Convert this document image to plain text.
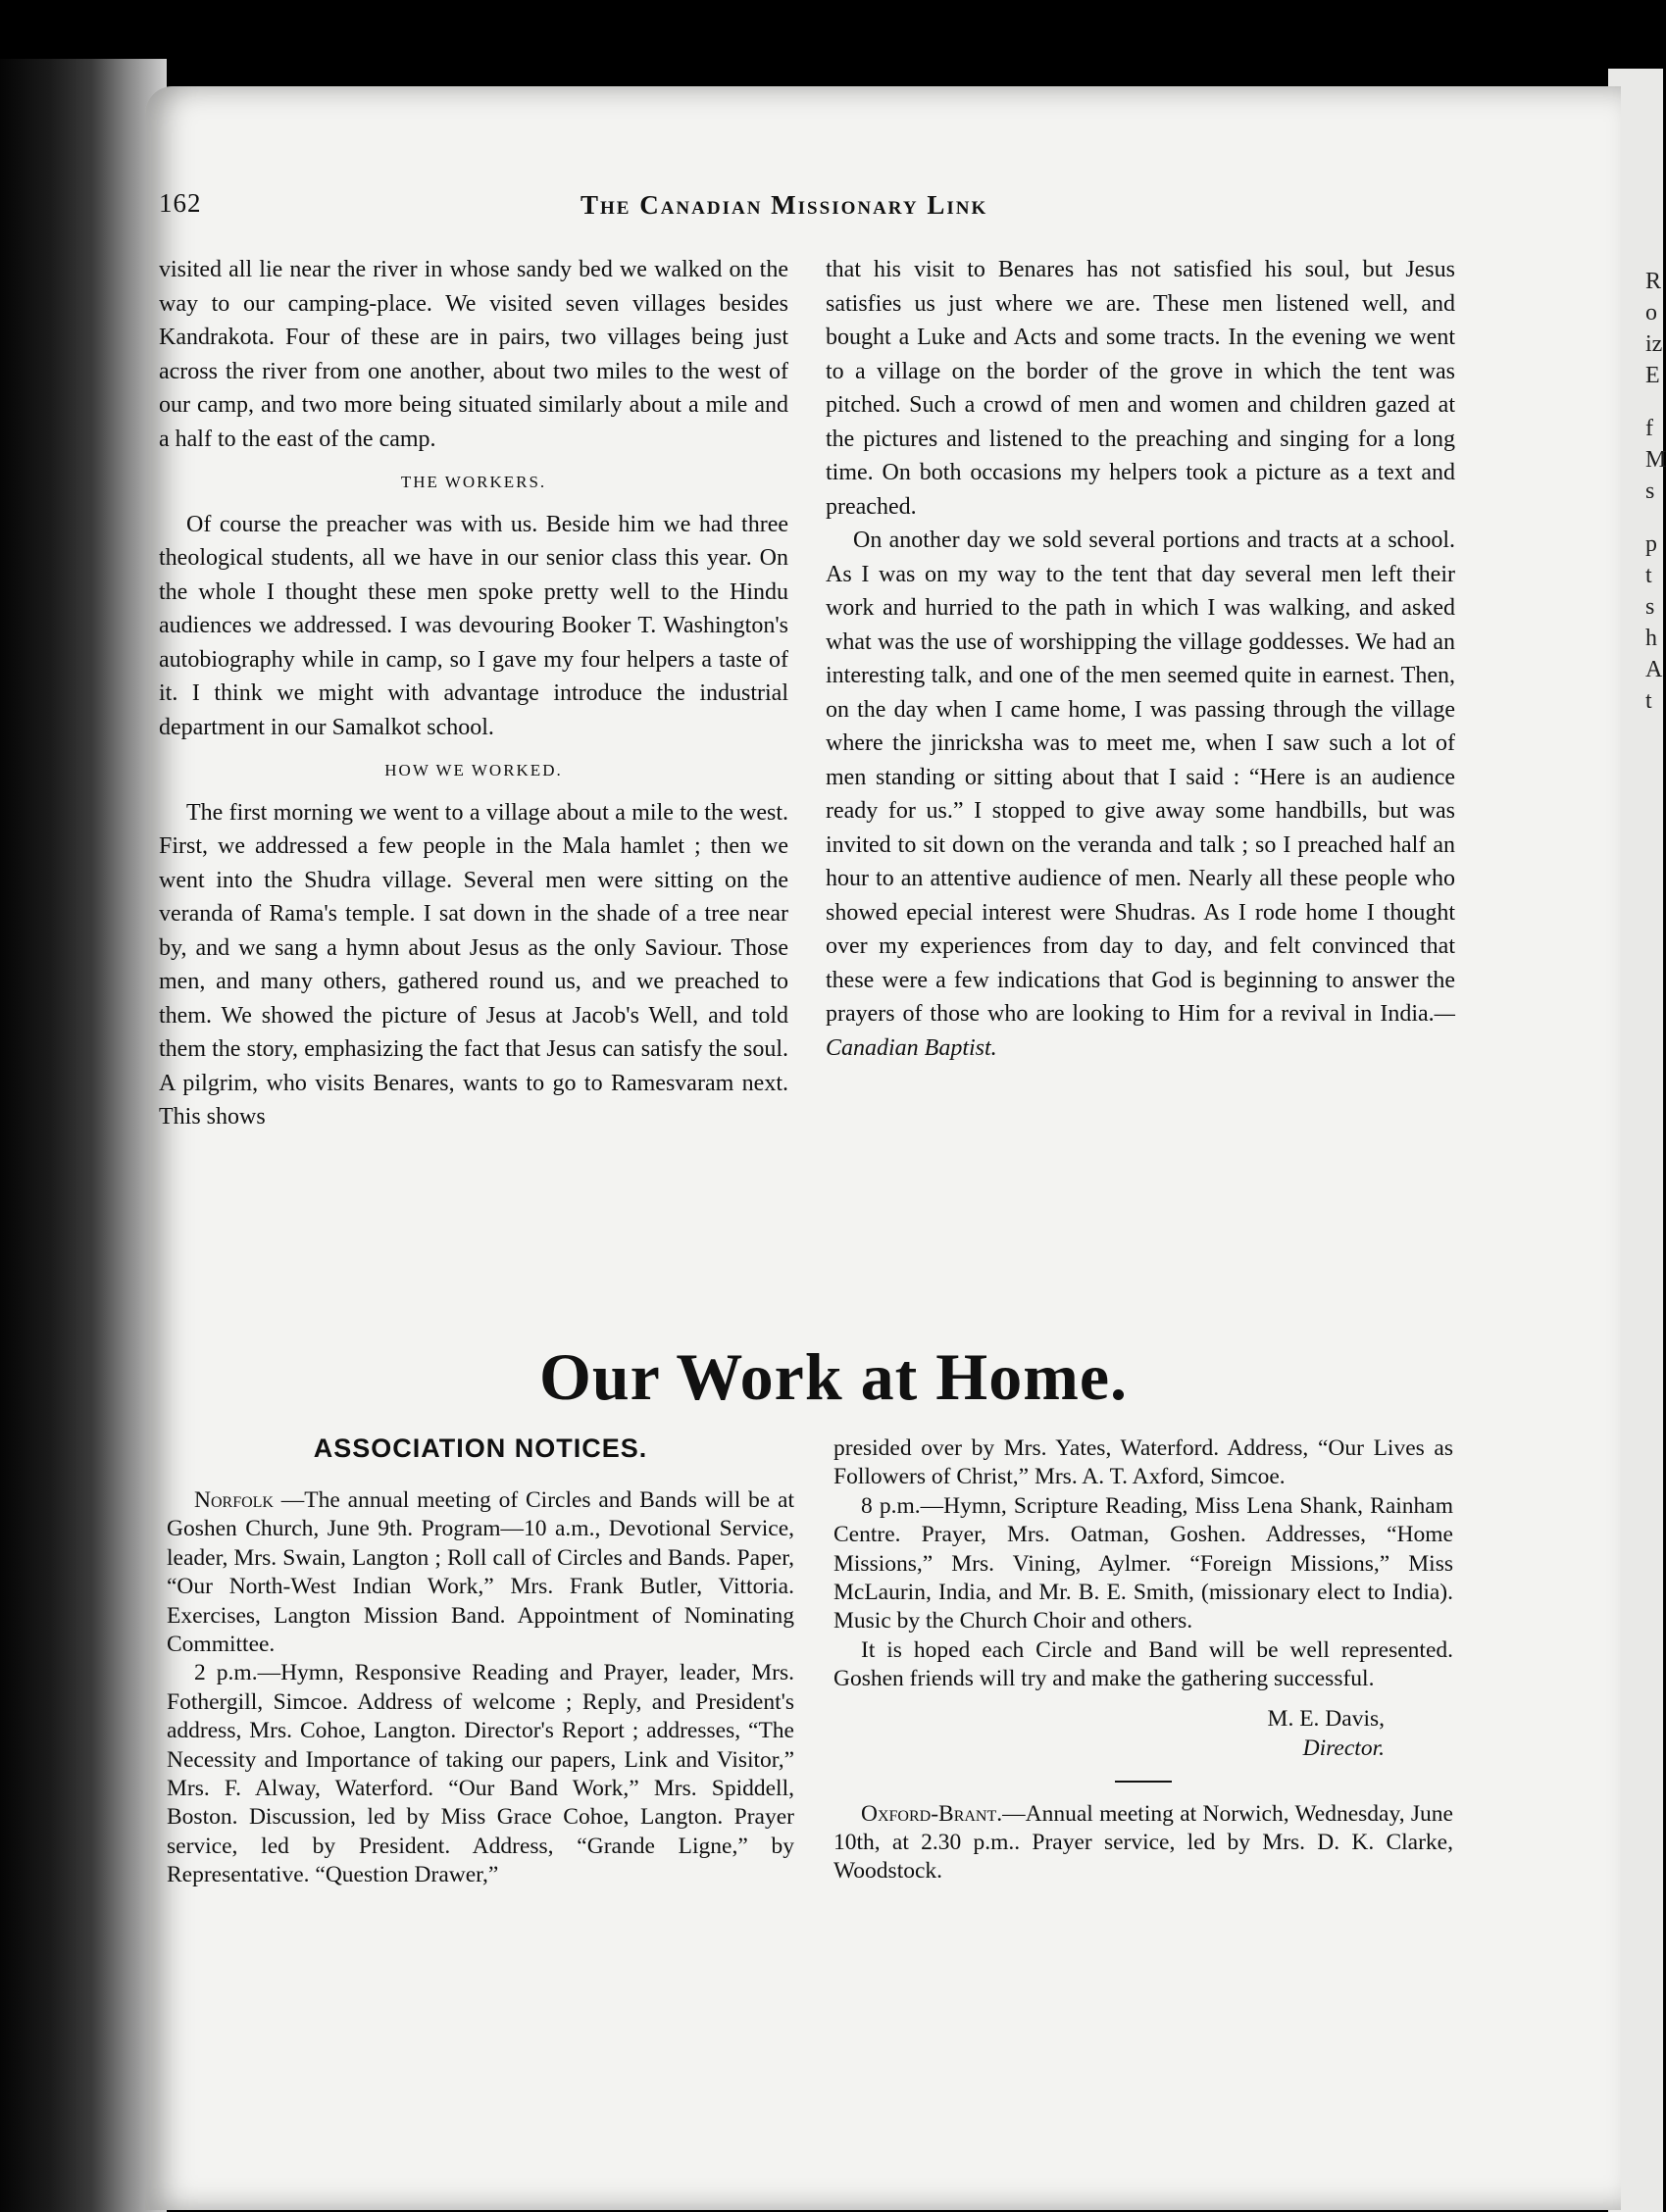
R
o
iz
E
f
M
s
p
t
s
h
A
t
162	The Canadian Missionary Link

visited all lie near the river in whose sandy bed we walked on the way to our camping-place. We visited seven villages besides Kandrakota. Four of these are in pairs, two villages being just across the river from one another, about two miles to the west of our camp, and two more being situated similarly about a mile and a half to the east of the camp.

THE WORKERS.

Of course the preacher was with us. Beside him we had three theological students, all we have in our senior class this year. On the whole I thought these men spoke pretty well to the Hindu audiences we addressed. I was devouring Booker T. Washington's autobiography while in camp, so I gave my four helpers a taste of it. I think we might with advantage introduce the industrial department in our Samalkot school.

HOW WE WORKED.

The first morning we went to a village about a mile to the west. First, we addressed a few people in the Mala hamlet ; then we went into the Shudra village. Several men were sitting on the veranda of Rama's temple. I sat down in the shade of a tree near by, and we sang a hymn about Jesus as the only Saviour. Those men, and many others, gathered round us, and we preached to them. We showed the picture of Jesus at Jacob's Well, and told them the story, emphasizing the fact that Jesus can satisfy the soul. A pilgrim, who visits Benares, wants to go to Ramesvaram next. This shows

that his visit to Benares has not satisfied his soul, but Jesus satisfies us just where we are. These men listened well, and bought a Luke and Acts and some tracts. In the evening we went to a village on the border of the grove in which the tent was pitched. Such a crowd of men and women and children gazed at the pictures and listened to the preaching and singing for a long time. On both occasions my helpers took a picture as a text and preached.

On another day we sold several portions and tracts at a school. As I was on my way to the tent that day several men left their work and hurried to the path in which I was walking, and asked what was the use of worshipping the village goddesses. We had an interesting talk, and one of the men seemed quite in earnest. Then, on the day when I came home, I was passing through the village where the jinricksha was to meet me, when I saw such a lot of men standing or sitting about that I said : “Here is an audience ready for us.” I stopped to give away some handbills, but was invited to sit down on the veranda and talk ; so I preached half an hour to an attentive audience of men. Nearly all these people who showed epecial interest were Shudras. As I rode home I thought over my experiences from day to day, and felt convinced that these were a few indications that God is beginning to answer the prayers of those who are looking to Him for a revival in India.—Canadian Baptist.

Our Work at Home.
ASSOCIATION NOTICES.

Norfolk —The annual meeting of Circles and Bands will be at Goshen Church, June 9th. Program—10 a.m., Devotional Service, leader, Mrs. Swain, Langton ; Roll call of Circles and Bands. Paper, “Our North-West Indian Work,” Mrs. Frank Butler, Vittoria. Exercises, Langton Mission Band. Appointment of Nominating Committee.

2 p.m.—Hymn, Responsive Reading and Prayer, leader, Mrs. Fothergill, Simcoe. Address of welcome ; Reply, and President's address, Mrs. Cohoe, Langton. Director's Report ; addresses, “The Necessity and Importance of taking our papers, Link and Visitor,” Mrs. F. Alway, Waterford. “Our Band Work,” Mrs. Spiddell, Boston. Discussion, led by Miss Grace Cohoe, Langton. Prayer service, led by President. Address, “Grande Ligne,” by Representative. “Question Drawer,”

presided over by Mrs. Yates, Waterford. Address, “Our Lives as Followers of Christ,” Mrs. A. T. Axford, Simcoe.

8 p.m.—Hymn, Scripture Reading, Miss Lena Shank, Rainham Centre. Prayer, Mrs. Oatman, Goshen. Addresses, “Home Missions,” Mrs. Vining, Aylmer. “Foreign Missions,” Miss McLaurin, India, and Mr. B. E. Smith, (missionary elect to India). Music by the Church Choir and others.

It is hoped each Circle and Band will be well represented. Goshen friends will try and make the gathering successful.

M. E. Davis,
Director.

Oxford-Brant.—Annual meeting at Norwich, Wednesday, June 10th, at 2.30 p.m.. Prayer service, led by Mrs. D. K. Clarke, Woodstock.
